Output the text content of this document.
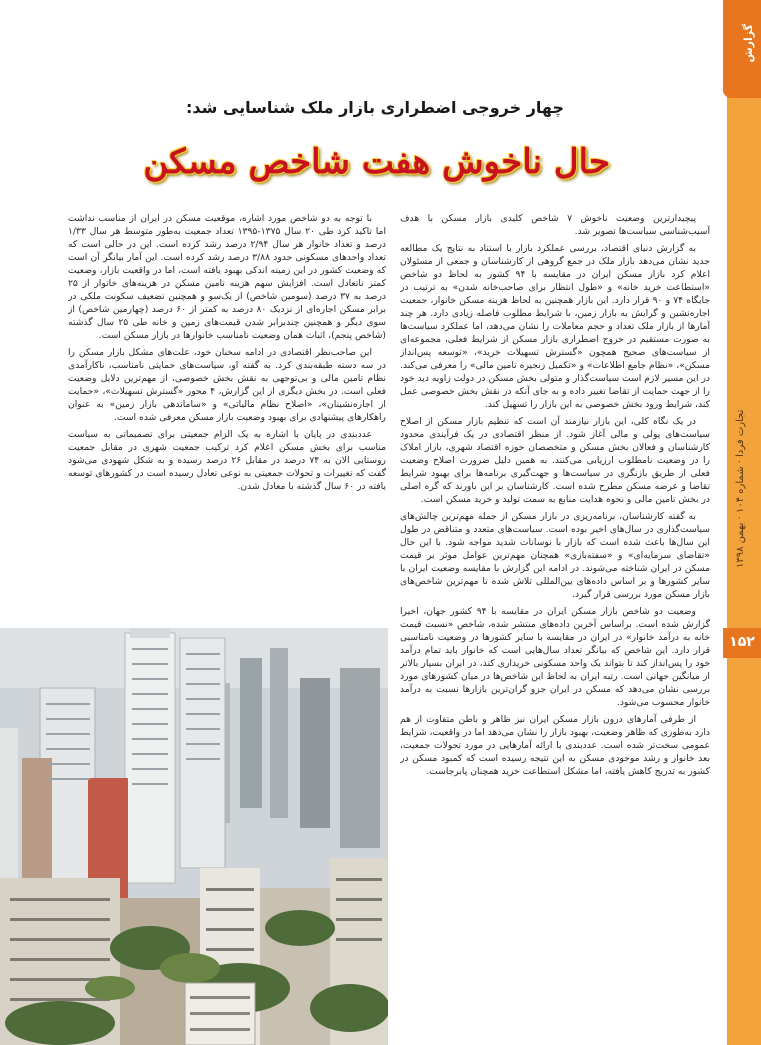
گزارش
تجارت فردا · شماره ۱۰۴ · بهمن ۱۳۹۸
۱۵۲
چهار خروجی اضطراری بازار ملک شناسایی شد:
حال ناخوش هفت شاخص مسکن

پیچیدارترین وضعیت ناخوش ۷ شاخص کلیدی بازار مسکن با هدف آسیب‌شناسی سیاست‌ها تصویر شد.

به گزارش دنیای اقتصاد، بررسی عملکرد بازار با استناد به نتایج یک مطالعه جدید نشان می‌دهد بازار ملک در جمع گروهی از کارشناسان و جمعی از مسئولان اعلام کرد بازار مسکن ایران در مقایسه با ۹۴ کشور به لحاظ دو شاخص «استطاعت خرید خانه» و «طول انتظار برای صاحب‌خانه شدن» به ترتیب در جایگاه ۷۴ و ۹۰ قرار دارد. این بازار همچنین به لحاظ هزینه مسکن خانوار، جمعیت اجاره‌نشین و گرایش به بازار زمین، با شرایط مطلوب فاصله زیادی دارد. هر چند آمارها از بازار ملک تعداد و حجم معاملات را نشان می‌دهد، اما عملکرد سیاست‌ها به صورت مستقیم در خروج اضطراری بازار مسکن از شرایط فعلی، مجموعه‌ای از سیاست‌های صحیح همچون «گسترش تسهیلات خرید»، «توسعه پس‌انداز مسکن»، «نظام جامع اطلاعات» و «تکمیل زنجیره تامین مالی» را معرفی می‌کند. در این مسیر لازم است سیاست‌گذار و متولی بخش مسکن در دولت زاویه دید خود را از جهت حمایت از تقاضا تغییر داده و به جای آنکه در نقش بخش خصوصی عمل کند، شرایط ورود بخش خصوصی به این بازار را تسهیل کند.

در یک نگاه کلی، این بازار نیازمند آن است که تنظیم بازار مسکن از اصلاح سیاست‌های پولی و مالی آغاز شود. از منظر اقتصادی در یک فرآیندی محدود کارشناسان و فعالان بخش مسکن و متخصصان حوزه اقتصاد شهری، بازار املاک را در وضعیت نامطلوب ارزیابی می‌کنند. به همین دلیل ضرورت اصلاح وضعیت فعلی از طریق بازنگری در سیاست‌ها و جهت‌گیری برنامه‌ها برای بهبود شرایط تقاضا و عرضه مسکن مطرح شده است. کارشناسان بر این باورند که گره اصلی در بخش تامین مالی و نحوه هدایت منابع به سمت تولید و خرید مسکن است.

به گفته کارشناسان، برنامه‌ریزی در بازار مسکن از جمله مهم‌ترین چالش‌های سیاست‌گذاری در سال‌های اخیر بوده است. سیاست‌های متعدد و متناقض در طول این سال‌ها باعث شده است که بازار با نوسانات شدید مواجه شود. با این حال «تقاضای سرمایه‌ای» و «سفته‌بازی» همچنان مهم‌ترین عوامل موثر بر قیمت مسکن در ایران شناخته می‌شوند. در ادامه این گزارش با مقایسه وضعیت ایران با سایر کشورها و بر اساس داده‌های بین‌المللی تلاش شده تا مهم‌ترین شاخص‌های بازار مسکن مورد بررسی قرار گیرد.

وضعیت دو شاخص بازار مسکن ایران در مقایسه با ۹۴ کشور جهان، اخیرا گزارش شده است. براساس آخرین داده‌های منتشر شده، شاخص «نسبت قیمت خانه به درآمد خانوار» در ایران در مقایسه با سایر کشورها در وضعیت نامناسبی قرار دارد. این شاخص که بیانگر تعداد سال‌هایی است که خانوار باید تمام درآمد خود را پس‌انداز کند تا بتواند یک واحد مسکونی خریداری کند، در ایران بسیار بالاتر از میانگین جهانی است. رتبه ایران به لحاظ این شاخص‌ها در میان کشورهای مورد بررسی نشان می‌دهد که مسکن در ایران جزو گران‌ترین بازارها نسبت به درآمد خانوار محسوب می‌شود.

از طرفی آمارهای درون بازار مسکن ایران نیز ظاهر و باطن متفاوت از هم دارد به‌طوری که ظاهر وضعیت، بهبود بازار را نشان می‌دهد اما در واقعیت، شرایط عمومی سخت‌تر شده است. عددبندی با ارائه آمارهایی در مورد تحولات جمعیت، بعد خانوار و رشد موجودی مسکن به این نتیجه رسیده است که کمبود مسکن در کشور به تدریج کاهش یافته، اما مشکل استطاعت خرید همچنان پابرجاست.

با توجه به دو شاخص مورد اشاره، موقعیت مسکن در ایران از مناسب نداشت اما تاکید کرد طی ۲۰ سال ۱۳۷۵-۱۳۹۵ تعداد جمعیت به‌طور متوسط هر سال ۱/۳۳ درصد و تعداد خانوار هر سال ۲/۹۴ درصد رشد کرده است. این در حالی است که تعداد واحدهای مسکونی حدود ۳/۸۸ درصد رشد کرده است. این آمار بیانگر آن است که وضعیت کشور در این زمینه اندکی بهبود یافته است، اما در واقعیت بازار، وضعیت کمتر ناتعادل است. افزایش سهم هزینه تامین مسکن در هزینه‌های خانوار از ۲۵ درصد به ۳۷ درصد (سومین شاخص) از یک‌سو و همچنین تضعیف سکونت ملکی در برابر مسکن اجاره‌ای از نزدیک ۸۰ درصد به کمتر از ۶۰ درصد (چهارمین شاخص) از سوی دیگر و همچنین چندبرابر شدن قیمت‌های زمین و خانه طی ۲۵ سال گذشته (شاخص پنجم)، اثبات همان وضعیت نامناسب خانوارها در بازار مسکن است.

این صاحب‌نظر اقتصادی در ادامه سخنان خود، علت‌های مشکل بازار مسکن را در سه دسته طبقه‌بندی کرد. به گفته او، سیاست‌های حمایتی نامناسب، ناکارآمدی نظام تامین مالی و بی‌توجهی به نقش بخش خصوصی، از مهم‌ترین دلایل وضعیت فعلی است. در بخش دیگری از این گزارش، ۴ محور «گسترش تسهیلات»، «حمایت از اجاره‌نشینان»، «اصلاح نظام مالیاتی» و «ساماندهی بازار زمین» به عنوان راهکارهای پیشنهادی برای بهبود وضعیت بازار مسکن معرفی شده است.

عددبندی در پایان با اشاره به یک الزام جمعیتی برای تصمیماتی به سیاست مناسب برای بخش مسکن اعلام کرد ترکیب جمعیت شهری در مقابل جمعیت روستایی الان به ۷۴ درصد در مقابل ۲۶ درصد رسیده و به شکل شهودی می‌شود گفت که تغییرات و تحولات جمعیتی به نوعی تعادل رسیده است در کشورهای توسعه یافته در ۶۰ سال گذشته با معادل شدن.
